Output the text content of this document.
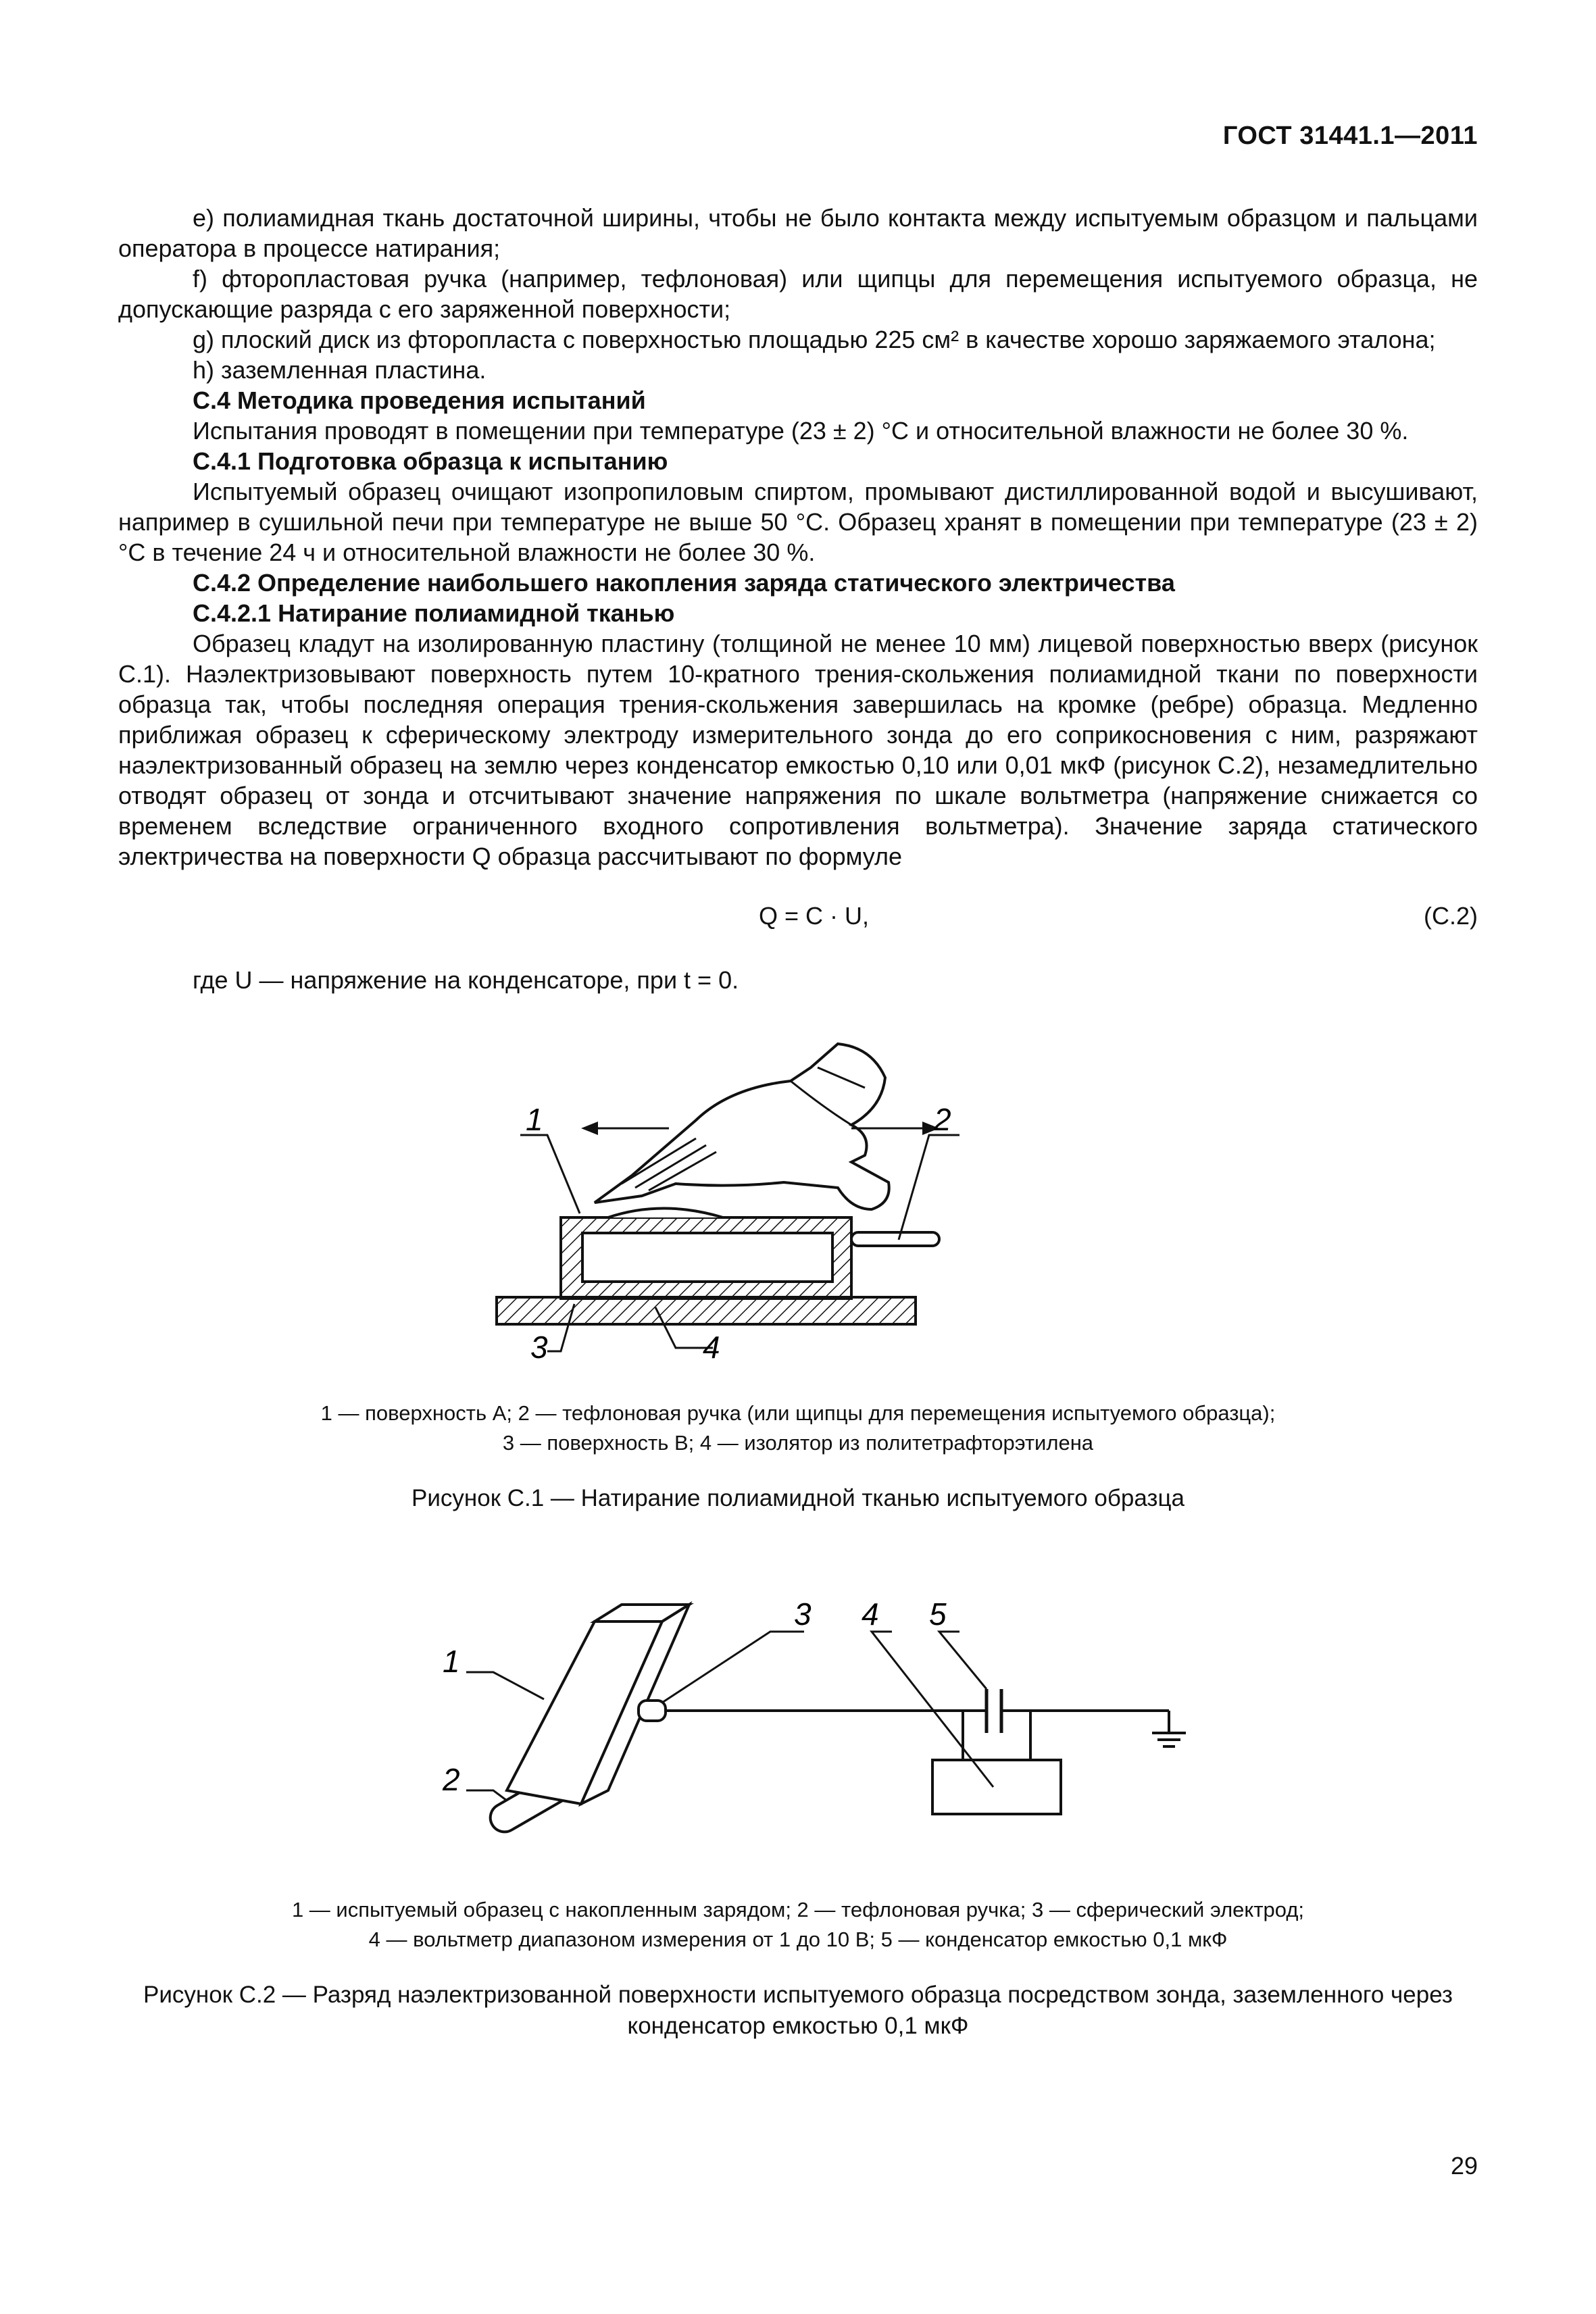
ГОСТ 31441.1—2011

e) полиамидная ткань достаточной ширины, чтобы не было контакта между испытуемым образцом и пальцами оператора в процессе натирания;

f) фторопластовая ручка (например, тефлоновая) или щипцы для перемещения испытуемого образца, не допускающие разряда с его заряженной поверхности;

g) плоский диск из фторопласта с поверхностью площадью 225 см² в качестве хорошо заряжаемого эталона;

h) заземленная пластина.

С.4 Методика проведения испытаний

Испытания проводят в помещении при температуре (23 ± 2) °С и относительной влажности не более 30 %.

С.4.1 Подготовка образца к испытанию

Испытуемый образец очищают изопропиловым спиртом, промывают дистиллированной водой и высушивают, например в сушильной печи при температуре не выше 50 °С. Образец хранят в помещении при температуре (23 ± 2) °С в течение 24 ч и относительной влажности не более 30 %.

С.4.2 Определение наибольшего накопления заряда статического электричества

С.4.2.1 Натирание полиамидной тканью

Образец кладут на изолированную пластину (толщиной не менее 10 мм) лицевой поверхностью вверх (рисунок С.1). Наэлектризовывают поверхность путем 10-кратного трения-скольжения полиамидной ткани по поверхности образца так, чтобы последняя операция трения-скольжения завершилась на кромке (ребре) образца. Медленно приближая образец к сферическому электроду измерительного зонда до его соприкосновения с ним, разряжают наэлектризованный образец на землю через конденсатор емкостью 0,10 или 0,01 мкФ (рисунок С.2), незамедлительно отводят образец от зонда и отсчитывают значение напряжения по шкале вольтметра (напряжение снижается со временем вследствие ограниченного входного сопротивления вольтметра). Значение заряда статического электричества на поверхности Q образца рассчитывают по формуле

Q = C · U,	(С.2)
где U — напряжение на конденсаторе, при t = 0.
1	2
3	4
1 — поверхность А; 2 — тефлоновая ручка (или щипцы для перемещения испытуемого образца);
3 — поверхность В; 4 — изолятор из политетрафторэтилена
Рисунок С.1 — Натирание полиамидной тканью испытуемого образца
1
2
3 4 5
1 — испытуемый образец с накопленным зарядом; 2 — тефлоновая ручка; 3 — сферический электрод;
4 — вольтметр диапазоном измерения от 1 до 10 В; 5 — конденсатор емкостью 0,1 мкФ
Рисунок С.2 — Разряд наэлектризованной поверхности испытуемого образца посредством зонда, заземленного через конденсатор емкостью 0,1 мкФ
29
